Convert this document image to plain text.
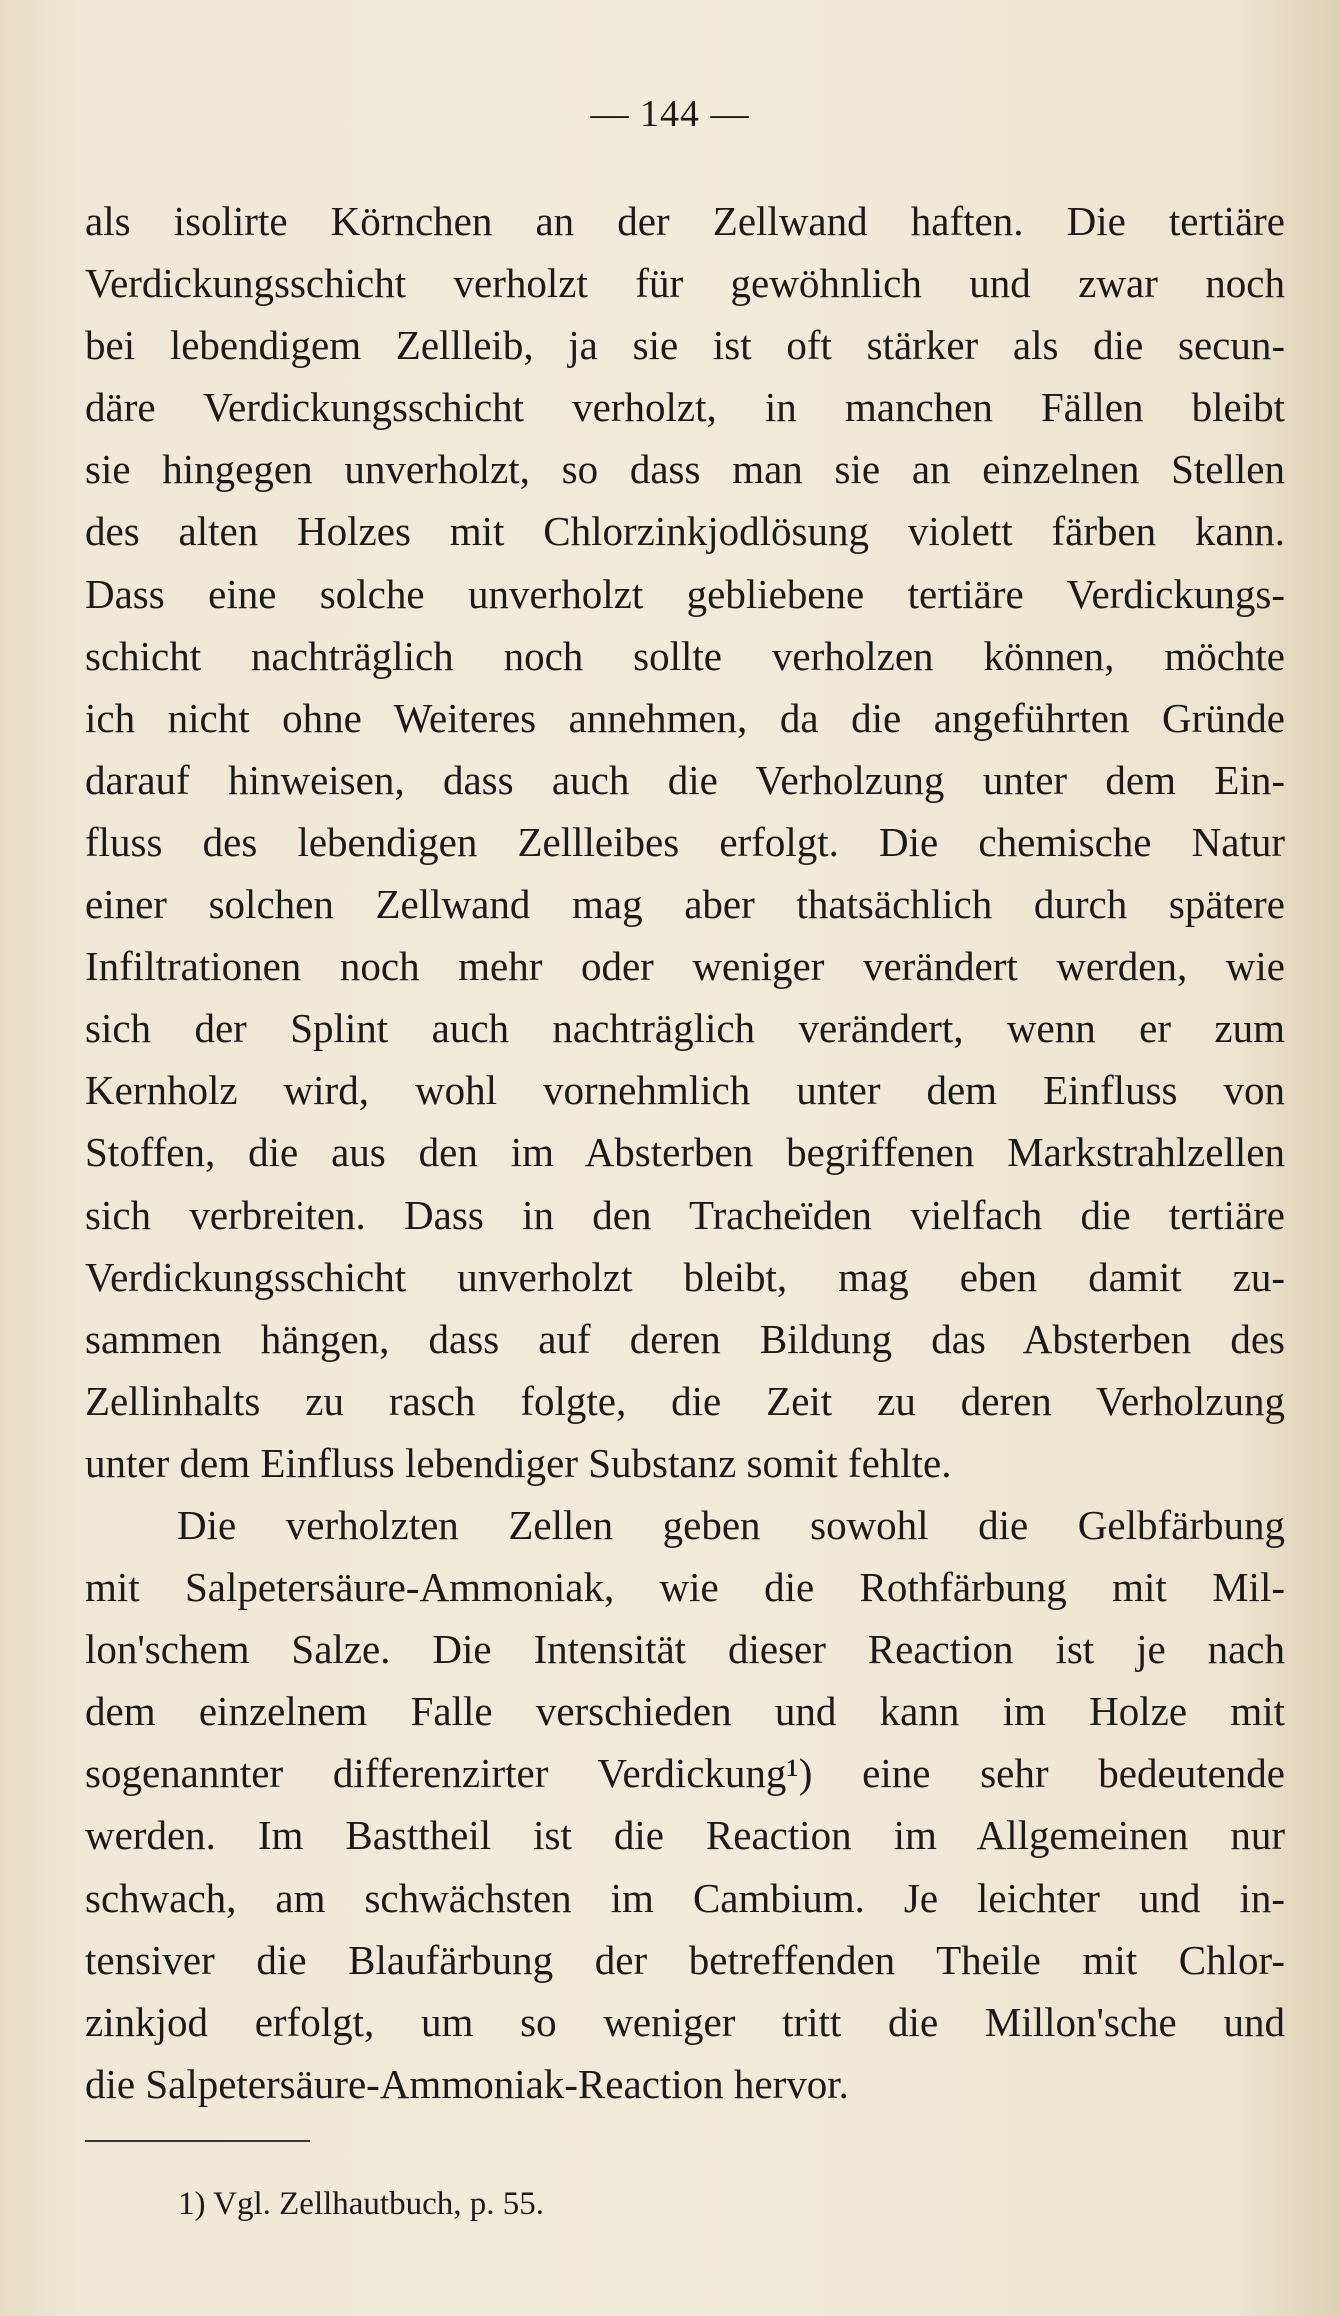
— 144 —
als isolirte Körnchen an der Zellwand haften. Die tertiäre
Verdickungsschicht verholzt für gewöhnlich und zwar noch
bei lebendigem Zellleib, ja sie ist oft stärker als die secun-
däre Verdickungsschicht verholzt, in manchen Fällen bleibt
sie hingegen unverholzt, so dass man sie an einzelnen Stellen
des alten Holzes mit Chlorzinkjodlösung violett färben kann.
Dass eine solche unverholzt gebliebene tertiäre Verdickungs-
schicht nachträglich noch sollte verholzen können, möchte
ich nicht ohne Weiteres annehmen, da die angeführten Gründe
darauf hinweisen, dass auch die Verholzung unter dem Ein-
fluss des lebendigen Zellleibes erfolgt. Die chemische Natur
einer solchen Zellwand mag aber thatsächlich durch spätere
Infiltrationen noch mehr oder weniger verändert werden, wie
sich der Splint auch nachträglich verändert, wenn er zum
Kernholz wird, wohl vornehmlich unter dem Einfluss von
Stoffen, die aus den im Absterben begriffenen Markstrahlzellen
sich verbreiten. Dass in den Tracheïden vielfach die tertiäre
Verdickungsschicht unverholzt bleibt, mag eben damit zu-
sammen hängen, dass auf deren Bildung das Absterben des
Zellinhalts zu rasch folgte, die Zeit zu deren Verholzung
unter dem Einfluss lebendiger Substanz somit fehlte.
Die verholzten Zellen geben sowohl die Gelbfärbung
mit Salpetersäure-Ammoniak, wie die Rothfärbung mit Mil-
lon'schem Salze. Die Intensität dieser Reaction ist je nach
dem einzelnem Falle verschieden und kann im Holze mit
sogenannter differenzirter Verdickung¹) eine sehr bedeutende
werden. Im Basttheil ist die Reaction im Allgemeinen nur
schwach, am schwächsten im Cambium. Je leichter und in-
tensiver die Blaufärbung der betreffenden Theile mit Chlor-
zinkjod erfolgt, um so weniger tritt die Millon'sche und
die Salpetersäure-Ammoniak-Reaction hervor.
1) Vgl. Zellhautbuch, p. 55.
